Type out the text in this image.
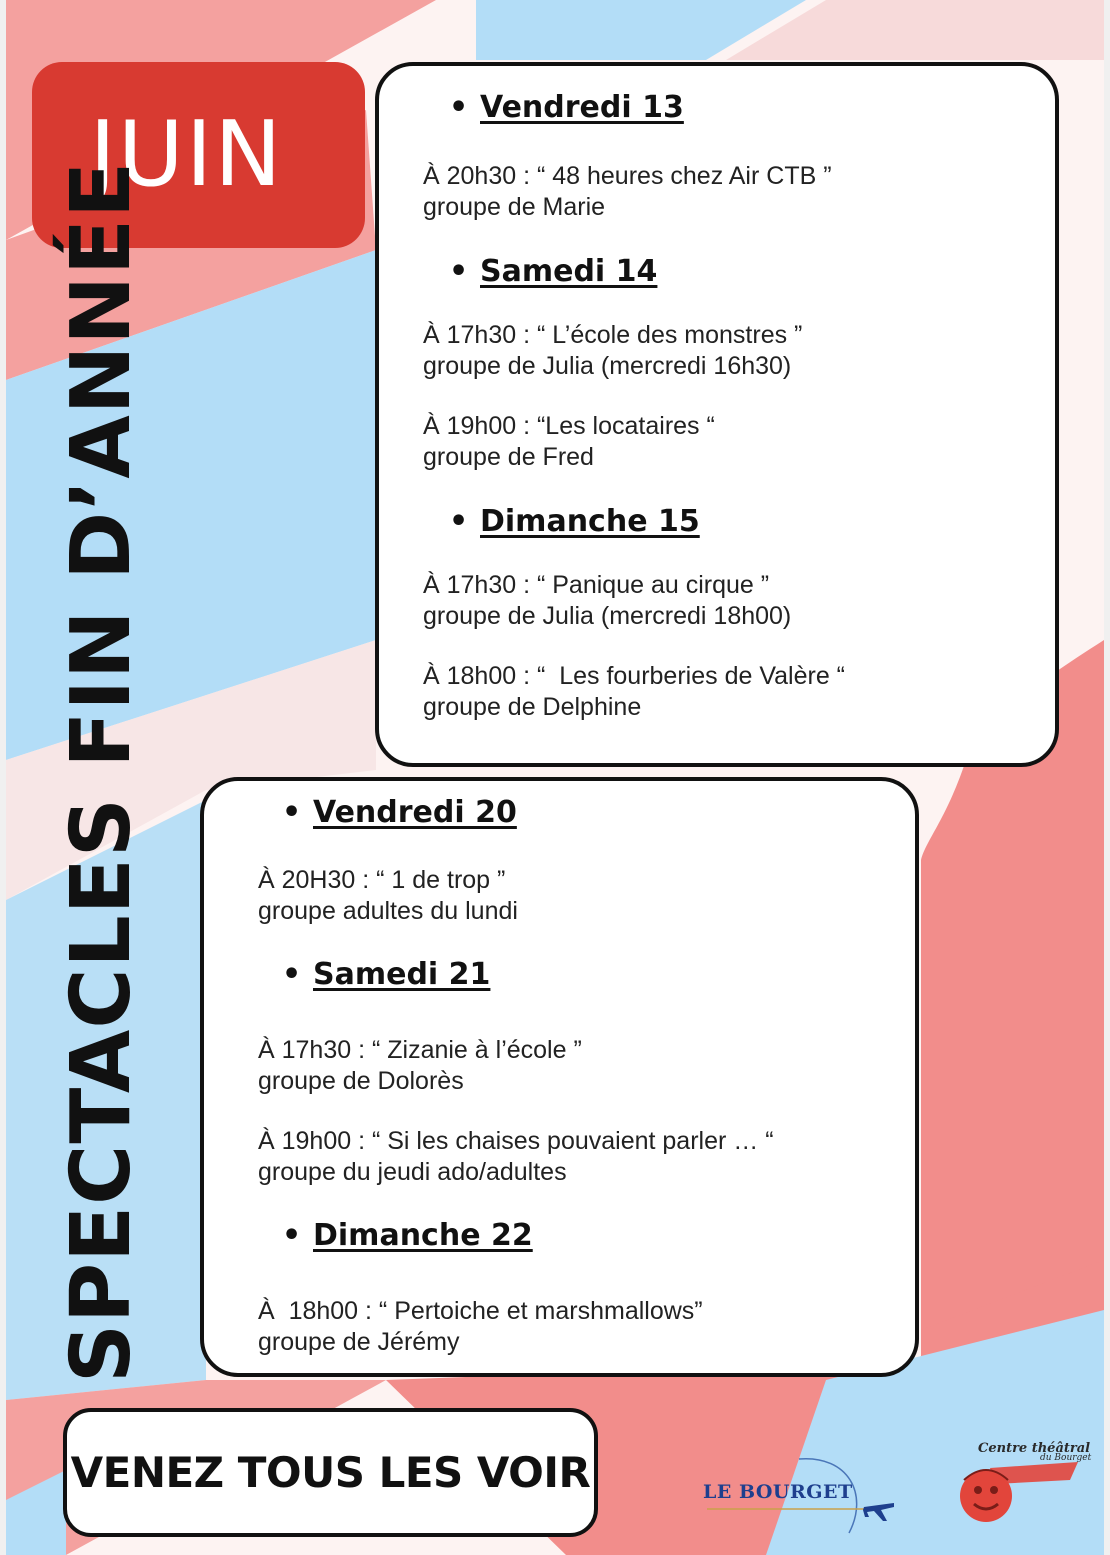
JUIN
SPECTACLES FIN D’ANNÉE
• Vendredi 13
À 20h30 : “ 48 heures chez Air CTB ”
groupe de Marie
• Samedi 14
À 17h30 : “ L’école des monstres ”
groupe de Julia (mercredi 16h30)
À 19h00 : “Les locataires “
groupe de Fred
• Dimanche 15
À 17h30 : “ Panique au cirque ”
groupe de Julia (mercredi 18h00)
À 18h00 : “  Les fourberies de Valère “
groupe de Delphine
• Vendredi 20
À 20H30 : “ 1 de trop ”
groupe adultes du lundi
• Samedi 21
À 17h30 : “ Zizanie à l’école ”
groupe de Dolorès
À 19h00 : “ Si les chaises pouvaient parler … “
groupe du jeudi ado/adultes
• Dimanche 22
À  18h00 : “ Pertoiche et marshmallows”
groupe de Jérémy
VENEZ TOUS LES VOIR	LE BOURGET
Centre théâtral
du Bourget
